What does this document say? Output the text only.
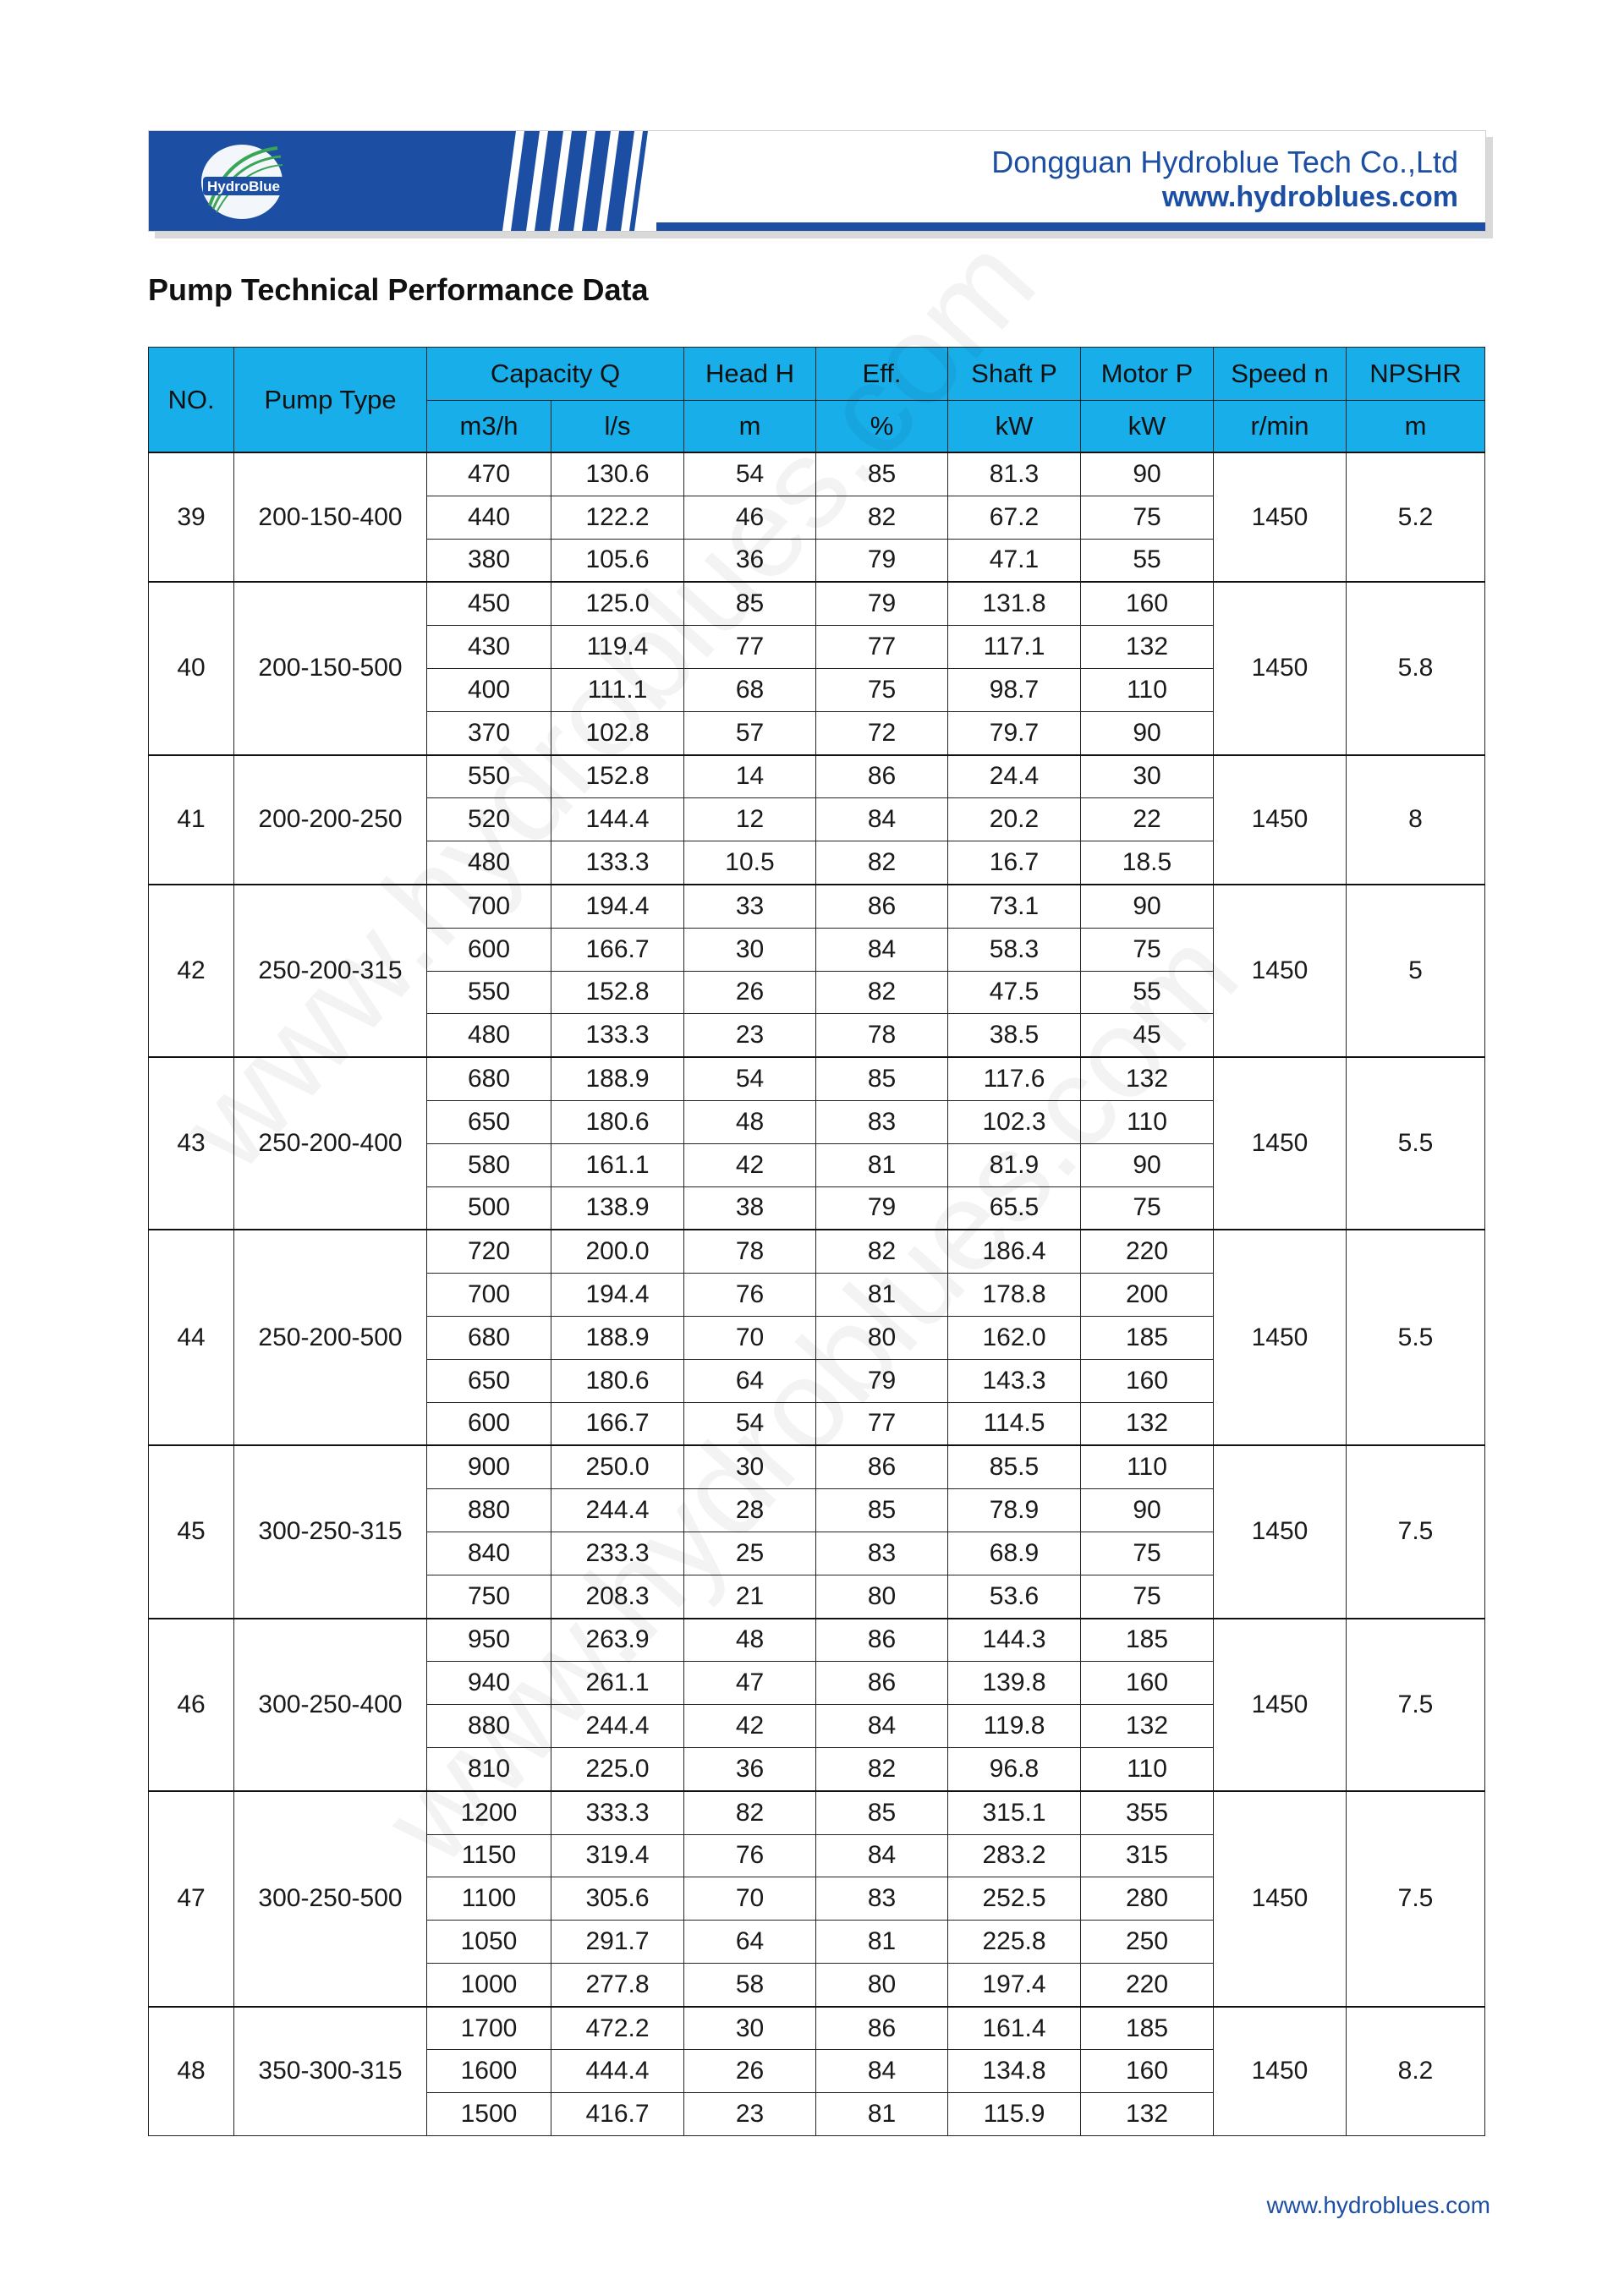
HydroBlue
Dongguan Hydroblue Tech Co.,Ltd
www.hydroblues.com
Pump Technical Performance Data
NO.	Pump Type	Capacity Q		Head H	Eff.	Shaft P	Motor P	Speed n	NPSHR
		m3/h	l/s	m	%	kW	kW	r/min	m
39	200-150-400	470	130.6	54	85	81.3	90	1450	5.2
		440	122.2	46	82	67.2	75		
		380	105.6	36	79	47.1	55		
40	200-150-500	450	125.0	85	79	131.8	160	1450	5.8
		430	119.4	77	77	117.1	132		
		400	111.1	68	75	98.7	110		
		370	102.8	57	72	79.7	90		
41	200-200-250	550	152.8	14	86	24.4	30	1450	8
		520	144.4	12	84	20.2	22		
		480	133.3	10.5	82	16.7	18.5		
42	250-200-315	700	194.4	33	86	73.1	90	1450	5
		600	166.7	30	84	58.3	75		
		550	152.8	26	82	47.5	55		
		480	133.3	23	78	38.5	45		
43	250-200-400	680	188.9	54	85	117.6	132	1450	5.5
		650	180.6	48	83	102.3	110		
		580	161.1	42	81	81.9	90		
		500	138.9	38	79	65.5	75		
44	250-200-500	720	200.0	78	82	186.4	220	1450	5.5
		700	194.4	76	81	178.8	200		
		680	188.9	70	80	162.0	185		
		650	180.6	64	79	143.3	160		
		600	166.7	54	77	114.5	132		
45	300-250-315	900	250.0	30	86	85.5	110	1450	7.5
		880	244.4	28	85	78.9	90		
		840	233.3	25	83	68.9	75		
		750	208.3	21	80	53.6	75		
46	300-250-400	950	263.9	48	86	144.3	185	1450	7.5
		940	261.1	47	86	139.8	160		
		880	244.4	42	84	119.8	132		
		810	225.0	36	82	96.8	110		
47	300-250-500	1200	333.3	82	85	315.1	355	1450	7.5
		1150	319.4	76	84	283.2	315		
		1100	305.6	70	83	252.5	280		
		1050	291.7	64	81	225.8	250		
		1000	277.8	58	80	197.4	220		
48	350-300-315	1700	472.2	30	86	161.4	185	1450	8.2
		1600	444.4	26	84	134.8	160		
		1500	416.7	23	81	115.9	132		
www.hydroblues.com
